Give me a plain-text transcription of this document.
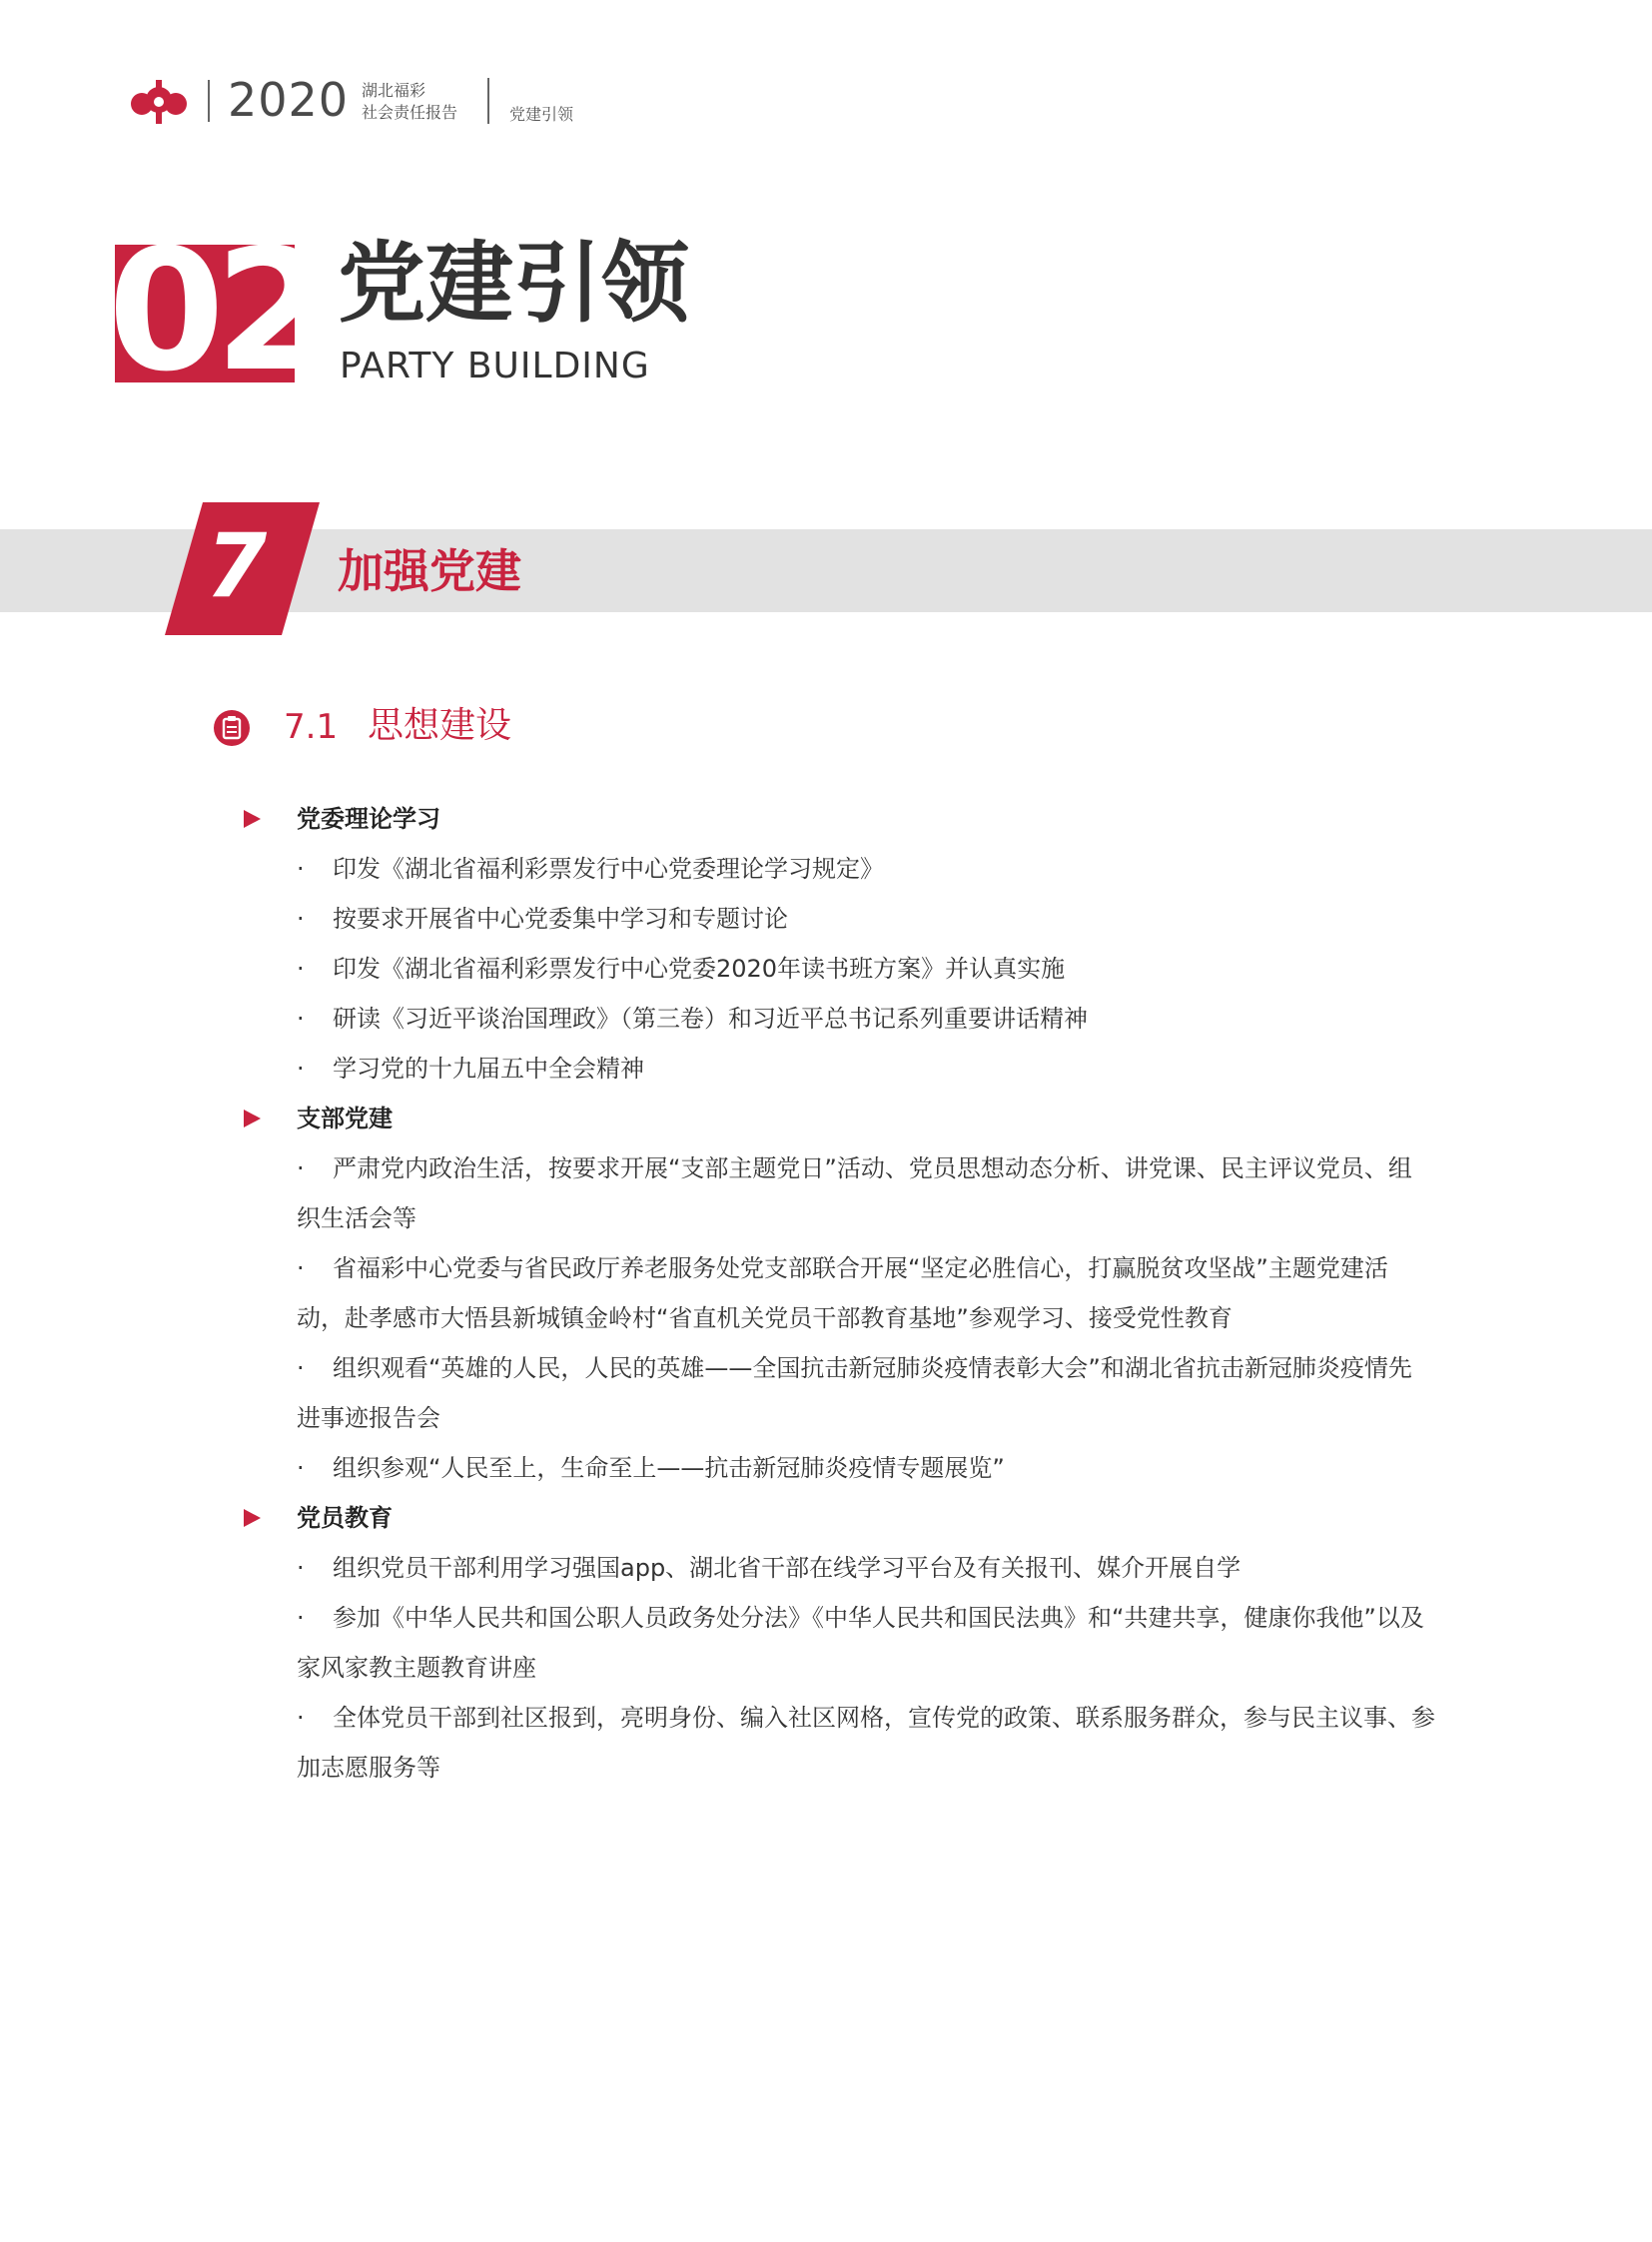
2020 湖北福彩
社会责任报告	党建引领
02 党建引领
PARTY BUILDING
7 加强党建
7.1 思想建设
党委理论学习
· 印发《湖北省福利彩票发行中心党委理论学习规定》
· 按要求开展省中心党委集中学习和专题讨论
· 印发《湖北省福利彩票发行中心党委2020年读书班方案》并认真实施
· 研读《习近平谈治国理政》（第三卷）和习近平总书记系列重要讲话精神
· 学习党的十九届五中全会精神
支部党建
· 严肃党内政治生活，按要求开展“支部主题党日”活动、党员思想动态分析、讲党课、民主评议党员、组织生活会等
· 省福彩中心党委与省民政厅养老服务处党支部联合开展“坚定必胜信心，打赢脱贫攻坚战”主题党建活动，赴孝感市大悟县新城镇金岭村“省直机关党员干部教育基地”参观学习、接受党性教育
· 组织观看“英雄的人民，人民的英雄——全国抗击新冠肺炎疫情表彰大会”和湖北省抗击新冠肺炎疫情先进事迹报告会
· 组织参观“人民至上，生命至上——抗击新冠肺炎疫情专题展览”
党员教育
· 组织党员干部利用学习强国app、湖北省干部在线学习平台及有关报刊、媒介开展自学
· 参加《中华人民共和国公职人员政务处分法》《中华人民共和国民法典》和“共建共享，健康你我他”以及家风家教主题教育讲座
· 全体党员干部到社区报到，亮明身份、编入社区网格，宣传党的政策、联系服务群众，参与民主议事、参加志愿服务等
